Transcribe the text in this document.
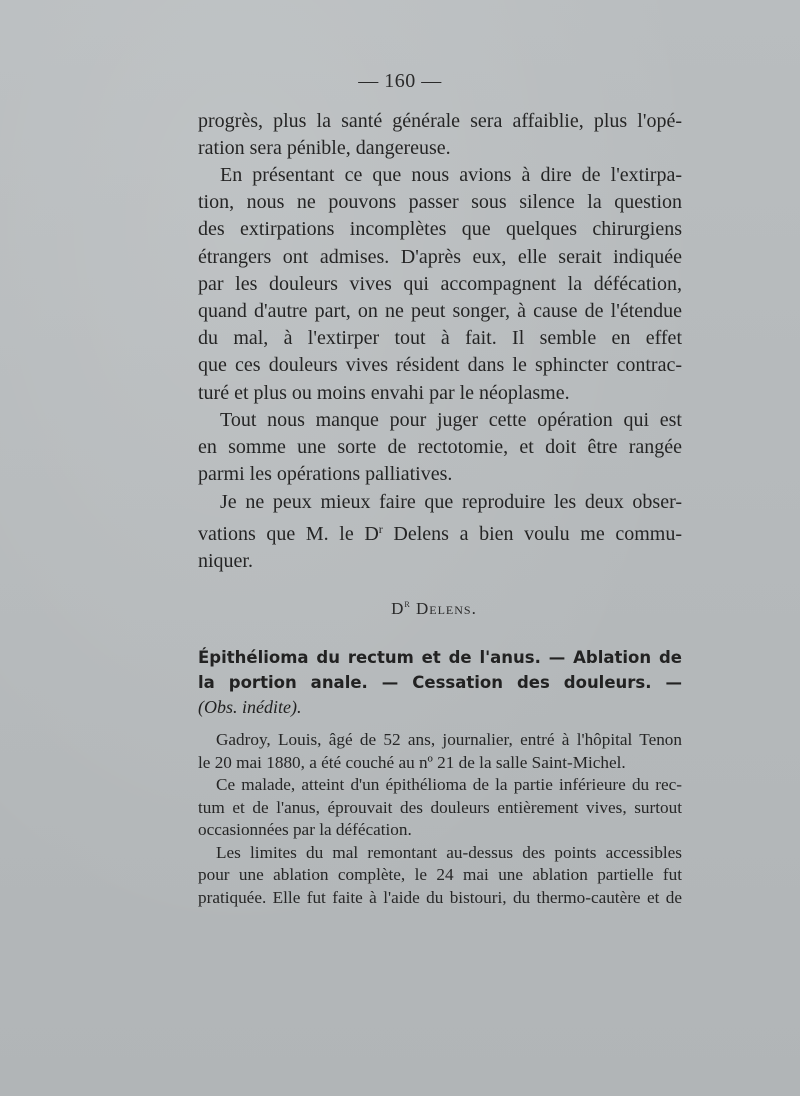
— 160 —

progrès, plus la santé générale sera affaiblie, plus l'opé-

ration sera pénible, dangereuse.

En présentant ce que nous avions à dire de l'extirpa-

tion, nous ne pouvons passer sous silence la question

des extirpations incomplètes que quelques chirurgiens

étrangers ont admises. D'après eux, elle serait indiquée

par les douleurs vives qui accompagnent la défécation,

quand d'autre part, on ne peut songer, à cause de l'étendue

du mal, à l'extirper tout à fait. Il semble en effet

que ces douleurs vives résident dans le sphincter contrac-

turé et plus ou moins envahi par le néoplasme.

Tout nous manque pour juger cette opération qui est

en somme une sorte de rectotomie, et doit être rangée

parmi les opérations palliatives.

Je ne peux mieux faire que reproduire les deux obser-

vations que M. le $D^r$ Delens a bien voulu me commu-

niquer.

$D^r$ Delens.

Épithélioma du rectum et de l'anus. — Ablation de

la portion anale. — Cessation des douleurs. —

(Obs. inédite).

Gadroy, Louis, âgé de 52 ans, journalier, entré à l'hôpital Tenon

le 20 mai 1880, a été couché au nº 21 de la salle Saint-Michel.

Ce malade, atteint d'un épithélioma de la partie inférieure du rec-

tum et de l'anus, éprouvait des douleurs entièrement vives, surtout

occasionnées par la défécation.

Les limites du mal remontant au-dessus des points accessibles

pour une ablation complète, le 24 mai une ablation partielle fut

pratiquée. Elle fut faite à l'aide du bistouri, du thermo-cautère et de
